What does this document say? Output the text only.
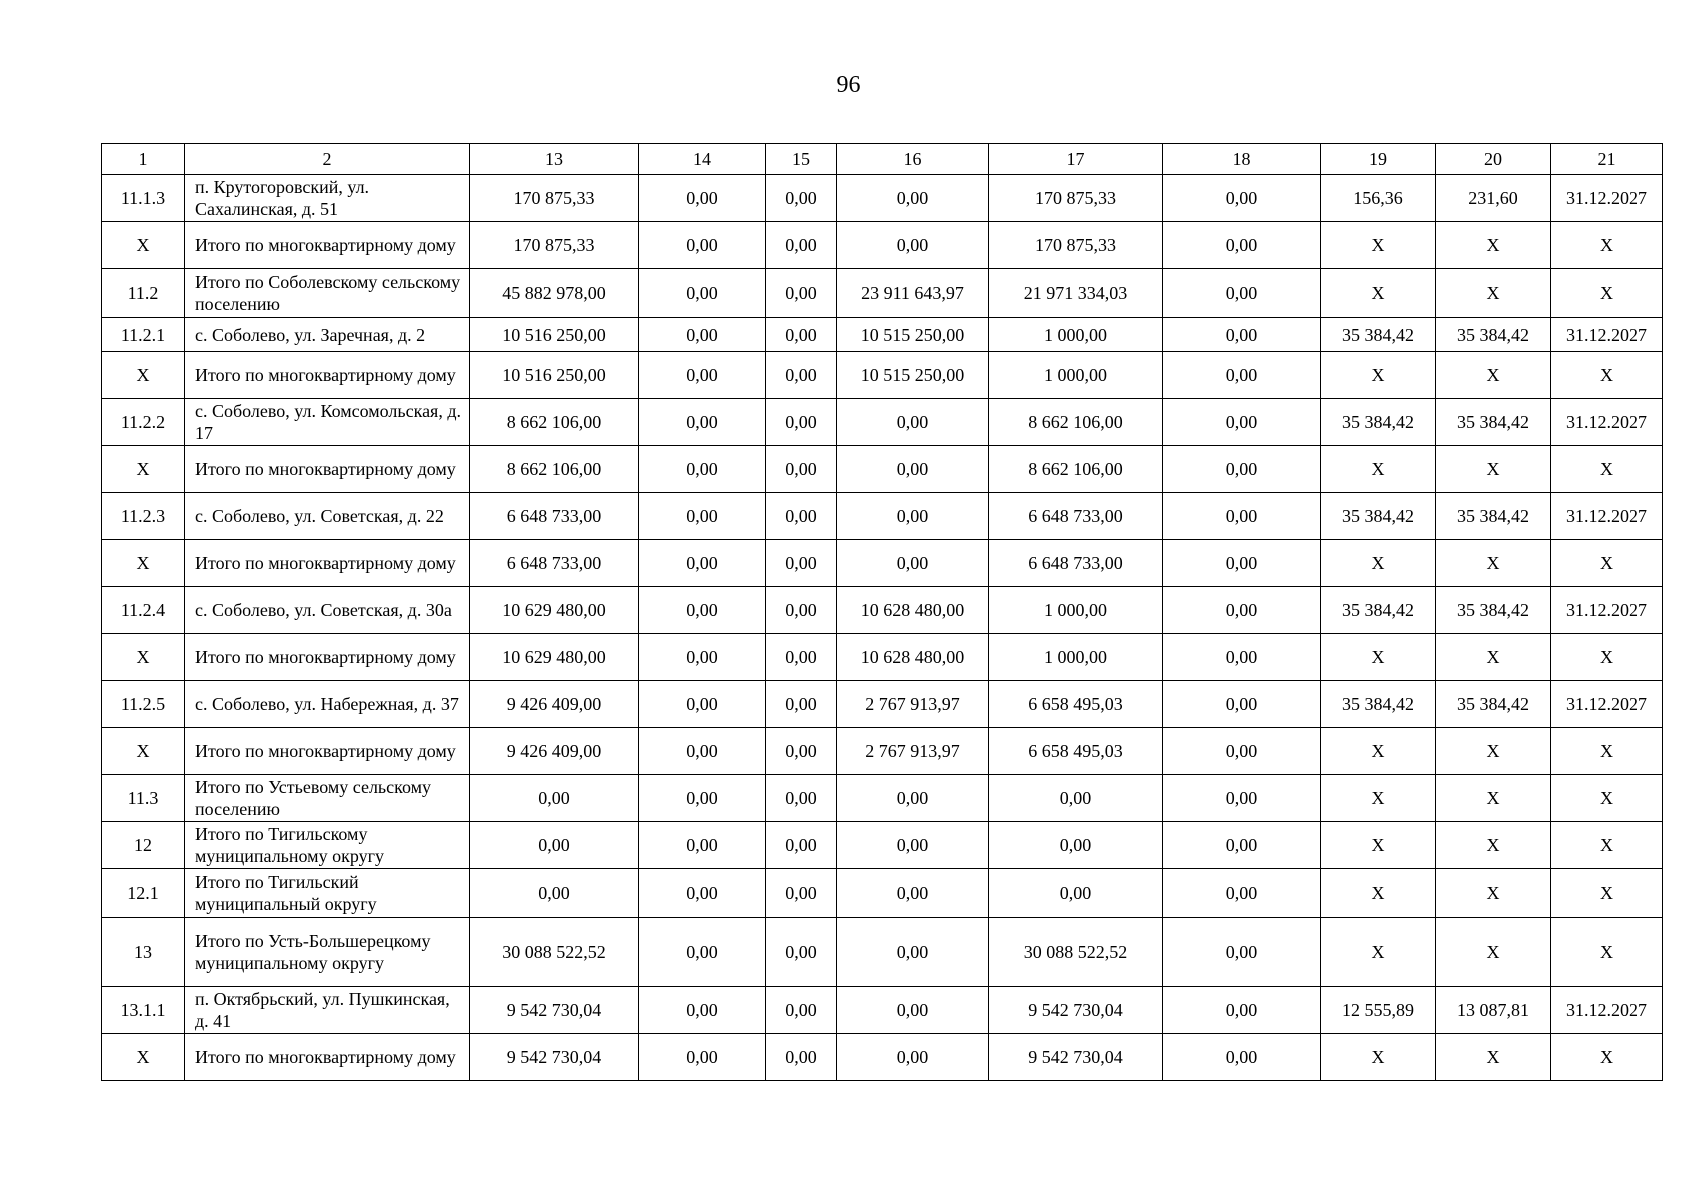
96
1	2	13	14	15	16	17	18	19	20	21
11.1.3	п. Крутогоровский, ул. Сахалинская, д. 51	170 875,33	0,00	0,00	0,00	170 875,33	0,00	156,36	231,60	31.12.2027
X	Итого по многоквартирному дому	170 875,33	0,00	0,00	0,00	170 875,33	0,00	X	X	X
11.2	Итого по Соболевскому сельскому поселению	45 882 978,00	0,00	0,00	23 911 643,97	21 971 334,03	0,00	X	X	X
11.2.1	с. Соболево, ул. Заречная, д. 2	10 516 250,00	0,00	0,00	10 515 250,00	1 000,00	0,00	35 384,42	35 384,42	31.12.2027
X	Итого по многоквартирному дому	10 516 250,00	0,00	0,00	10 515 250,00	1 000,00	0,00	X	X	X
11.2.2	с. Соболево, ул. Комсомольская, д. 17	8 662 106,00	0,00	0,00	0,00	8 662 106,00	0,00	35 384,42	35 384,42	31.12.2027
X	Итого по многоквартирному дому	8 662 106,00	0,00	0,00	0,00	8 662 106,00	0,00	X	X	X
11.2.3	с. Соболево, ул. Советская, д. 22	6 648 733,00	0,00	0,00	0,00	6 648 733,00	0,00	35 384,42	35 384,42	31.12.2027
X	Итого по многоквартирному дому	6 648 733,00	0,00	0,00	0,00	6 648 733,00	0,00	X	X	X
11.2.4	с. Соболево, ул. Советская, д. 30а	10 629 480,00	0,00	0,00	10 628 480,00	1 000,00	0,00	35 384,42	35 384,42	31.12.2027
X	Итого по многоквартирному дому	10 629 480,00	0,00	0,00	10 628 480,00	1 000,00	0,00	X	X	X
11.2.5	с. Соболево, ул. Набережная, д. 37	9 426 409,00	0,00	0,00	2 767 913,97	6 658 495,03	0,00	35 384,42	35 384,42	31.12.2027
X	Итого по многоквартирному дому	9 426 409,00	0,00	0,00	2 767 913,97	6 658 495,03	0,00	X	X	X
11.3	Итого по Устьевому сельскому поселению	0,00	0,00	0,00	0,00	0,00	0,00	X	X	X
12	Итого по Тигильскому муниципальному округу	0,00	0,00	0,00	0,00	0,00	0,00	X	X	X
12.1	Итого по Тигильский муниципальный округу	0,00	0,00	0,00	0,00	0,00	0,00	X	X	X
13	Итого по Усть-Большерецкому муниципальному округу	30 088 522,52	0,00	0,00	0,00	30 088 522,52	0,00	X	X	X
13.1.1	п. Октябрьский, ул. Пушкинская, д. 41	9 542 730,04	0,00	0,00	0,00	9 542 730,04	0,00	12 555,89	13 087,81	31.12.2027
X	Итого по многоквартирному дому	9 542 730,04	0,00	0,00	0,00	9 542 730,04	0,00	X	X	X
